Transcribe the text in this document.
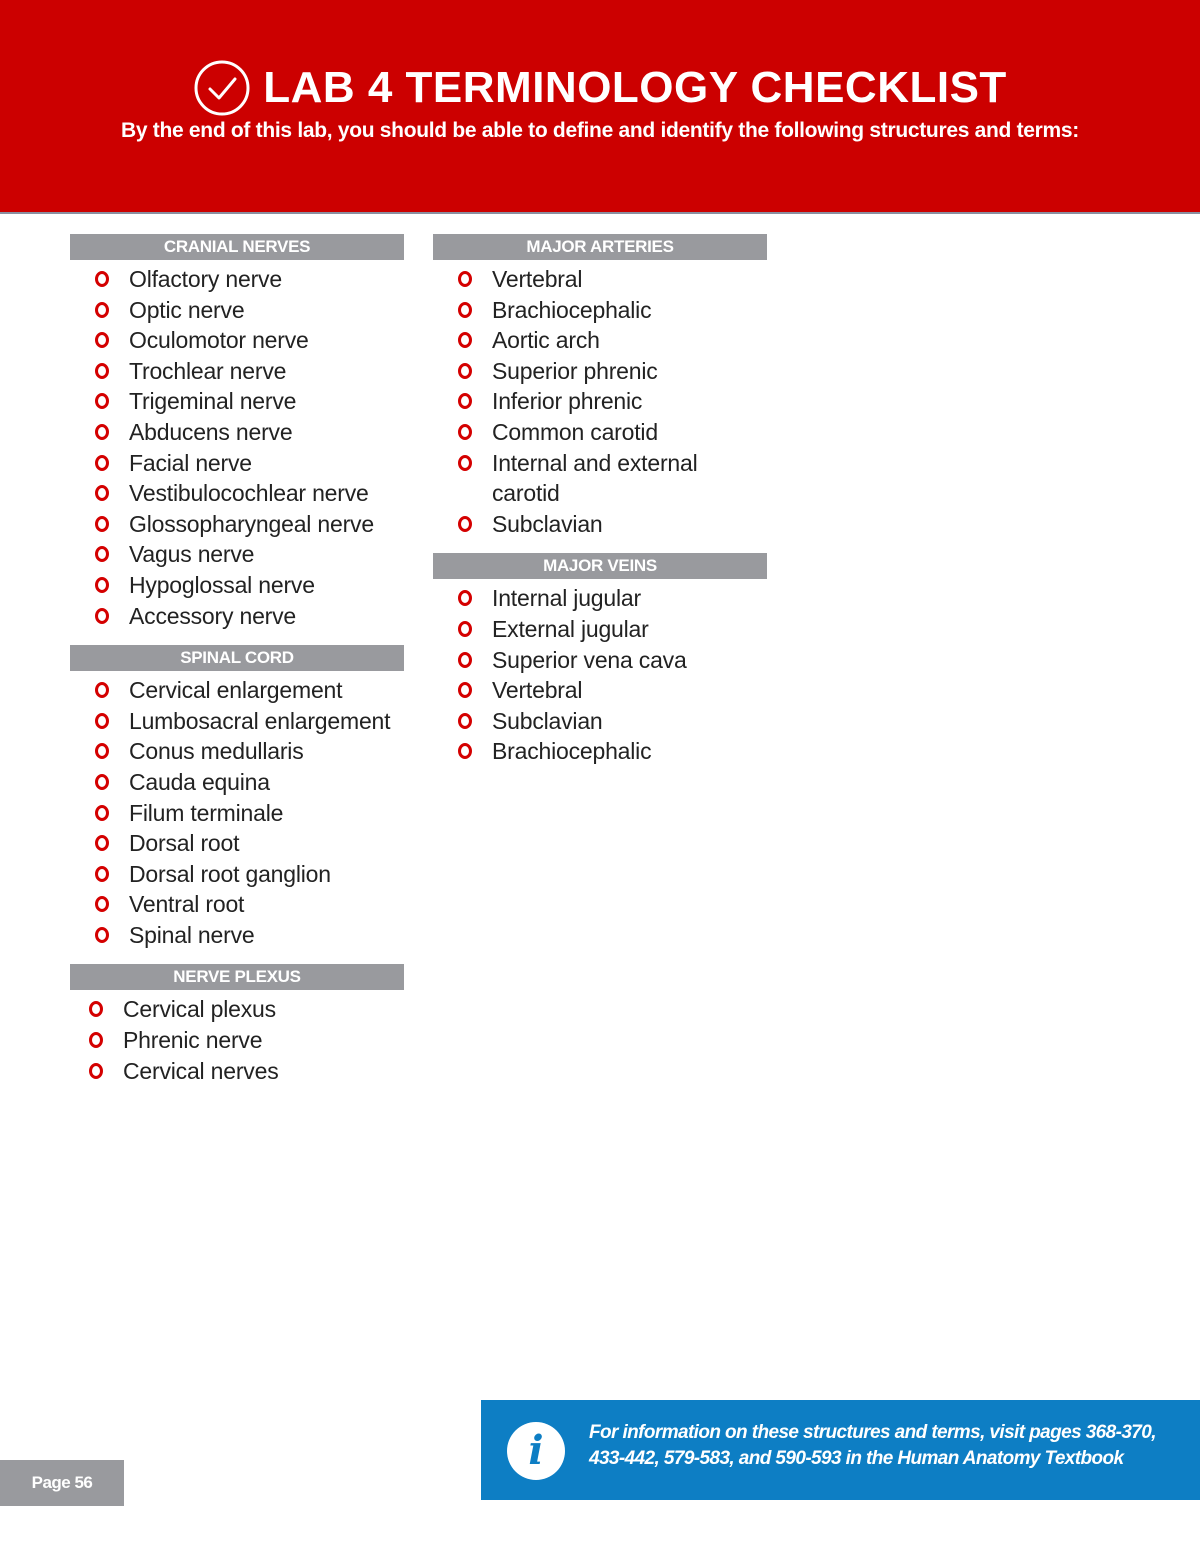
LAB 4 TERMINOLOGY CHECKLIST
By the end of this lab, you should be able to define and identify the following structures and terms:
CRANIAL NERVES
Olfactory nerve
Optic nerve
Oculomotor nerve
Trochlear nerve
Trigeminal nerve
Abducens nerve
Facial nerve
Vestibulocochlear nerve
Glossopharyngeal nerve
Vagus nerve
Hypoglossal nerve
Accessory nerve
SPINAL CORD
Cervical enlargement
Lumbosacral enlargement
Conus medullaris
Cauda equina
Filum terminale
Dorsal root
Dorsal root ganglion
Ventral root
Spinal nerve
NERVE PLEXUS
Cervical plexus
Phrenic nerve
Cervical nerves
MAJOR ARTERIES
Vertebral
Brachiocephalic
Aortic arch
Superior phrenic
Inferior phrenic
Common carotid
Internal and external carotid
Subclavian
MAJOR VEINS
Internal jugular
External jugular
Superior vena cava
Vertebral
Subclavian
Brachiocephalic
Page 56
i	For information on these structures and terms, visit pages 368-370, 433-442, 579-583, and 590-593 in the Human Anatomy Textbook
